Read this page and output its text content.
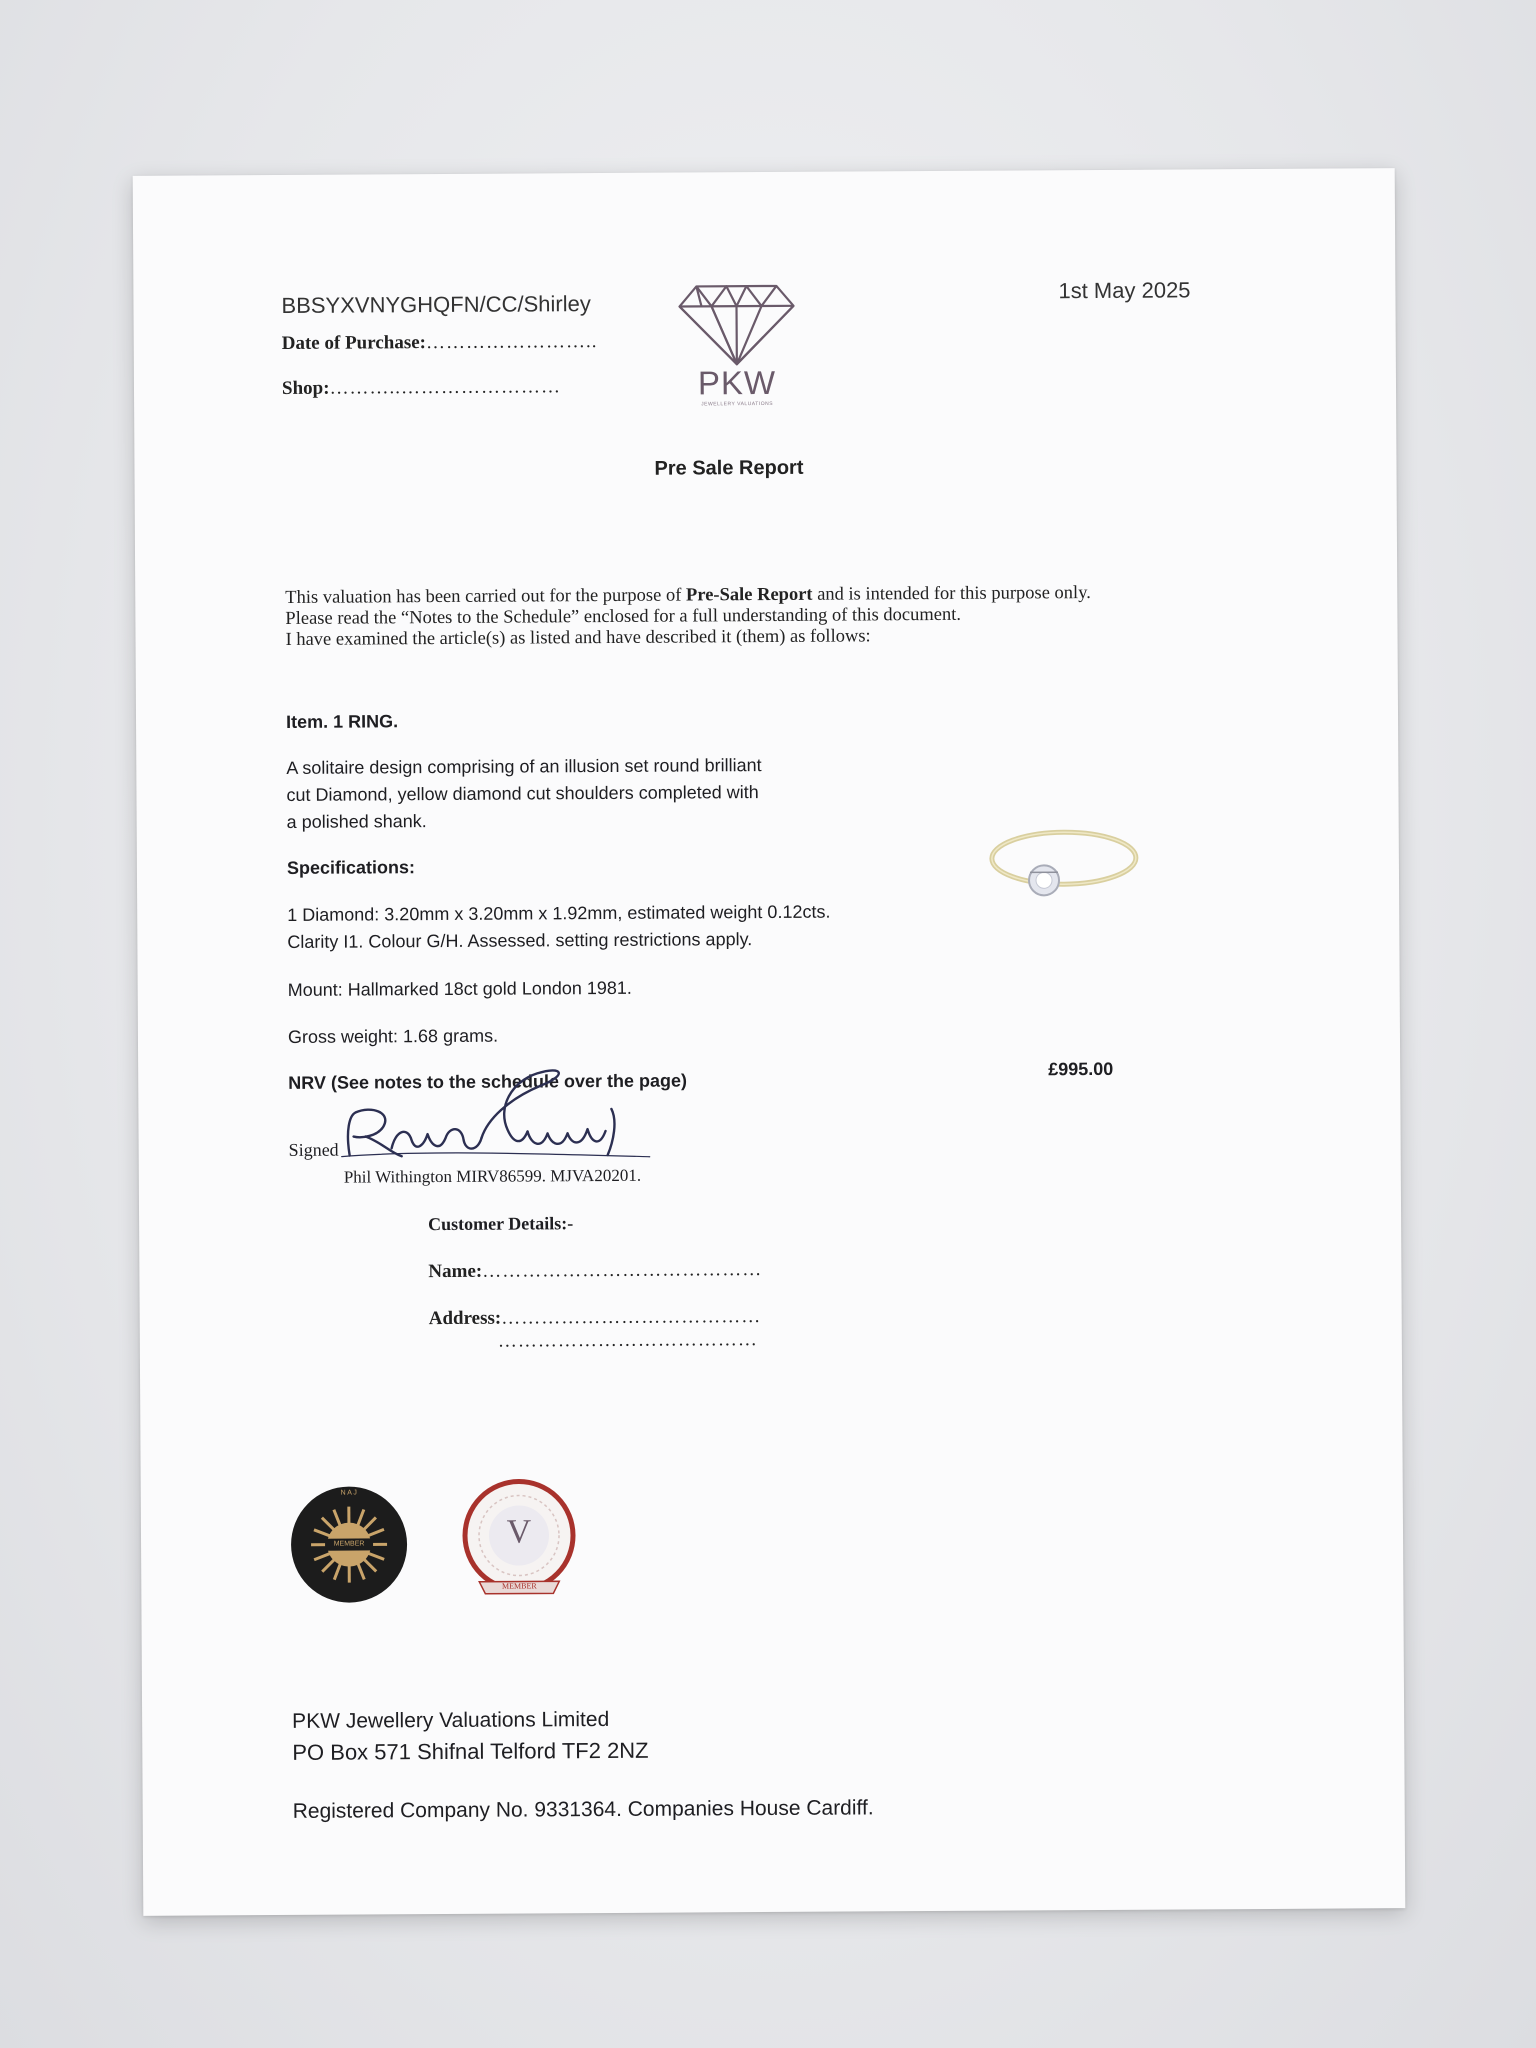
BBSYXVNYGHQFN/CC/Shirley
Date of Purchase:……………………..
Shop:………..……………………	PKW
JEWELLERY VALUATIONS
1st May 2025
Pre Sale Report
This valuation has been carried out for the purpose of Pre-Sale Report and is intended for this purpose only.
Please read the “Notes to the Schedule” enclosed for a full understanding of this document.
I have examined the article(s) as listed and have described it (them) as follows:
Item. 1 RING.
A solitaire design comprising of an illusion set round brilliant
cut Diamond, yellow diamond cut shoulders completed with
a polished shank.
Specifications:
1 Diamond: 3.20mm x 3.20mm x 1.92mm, estimated weight 0.12cts.
Clarity I1. Colour G/H. Assessed. setting restrictions apply.
Mount: Hallmarked 18ct gold London 1981.
Gross weight: 1.68 grams.
NRV (See notes to the schedule over the page)
£995.00
Signed
Phil Withington MIRV86599. MJVA20201.
Customer Details:-
Name:……………………………………
Address:…………………………………
…………………………………
MEMBER
N A J
V
MEMBER

PKW Jewellery Valuations Limited

Registered Company No. 9331364. Companies House Cardiff.

PO Box 571 Shifnal Telford TF2 2NZ
